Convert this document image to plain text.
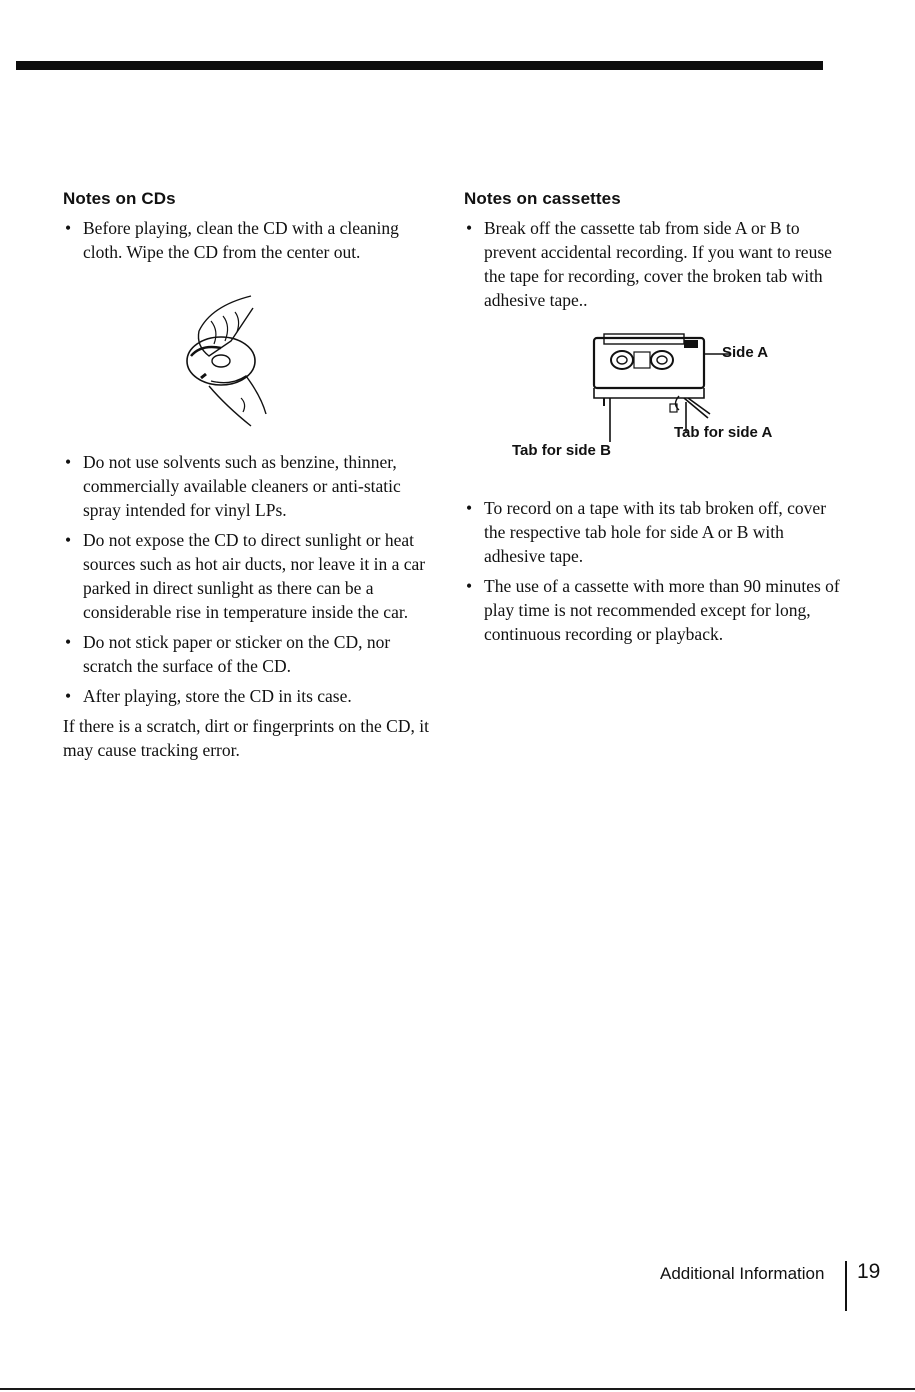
Notes on CDs
• Before playing, clean the CD with a cleaning cloth. Wipe the CD from the center out.
• Do not use solvents such as benzine, thinner, commercially available cleaners or anti-static spray intended for vinyl LPs.
• Do not expose the CD to direct sunlight or heat sources such as hot air ducts, nor leave it in a car parked in direct sunlight as there can be a considerable rise in temperature inside the car.
• Do not stick paper or sticker on the CD, nor scratch the surface of the CD.
• After playing, store the CD in its case.

If there is a scratch, dirt or fingerprints on the CD, it may cause tracking error.

Notes on cassettes
• Break off the cassette tab from side A or B to prevent accidental recording. If you want to reuse the tape for recording, cover the broken tab with adhesive tape..
Side A
Tab for side A
Tab for side B
• To record on a tape with its tab broken off, cover the respective tab hole for side A or B with adhesive tape.
• The use of a cassette with more than 90 minutes of play time is not recommended except for long, continuous recording or playback.
Additional Information 19
